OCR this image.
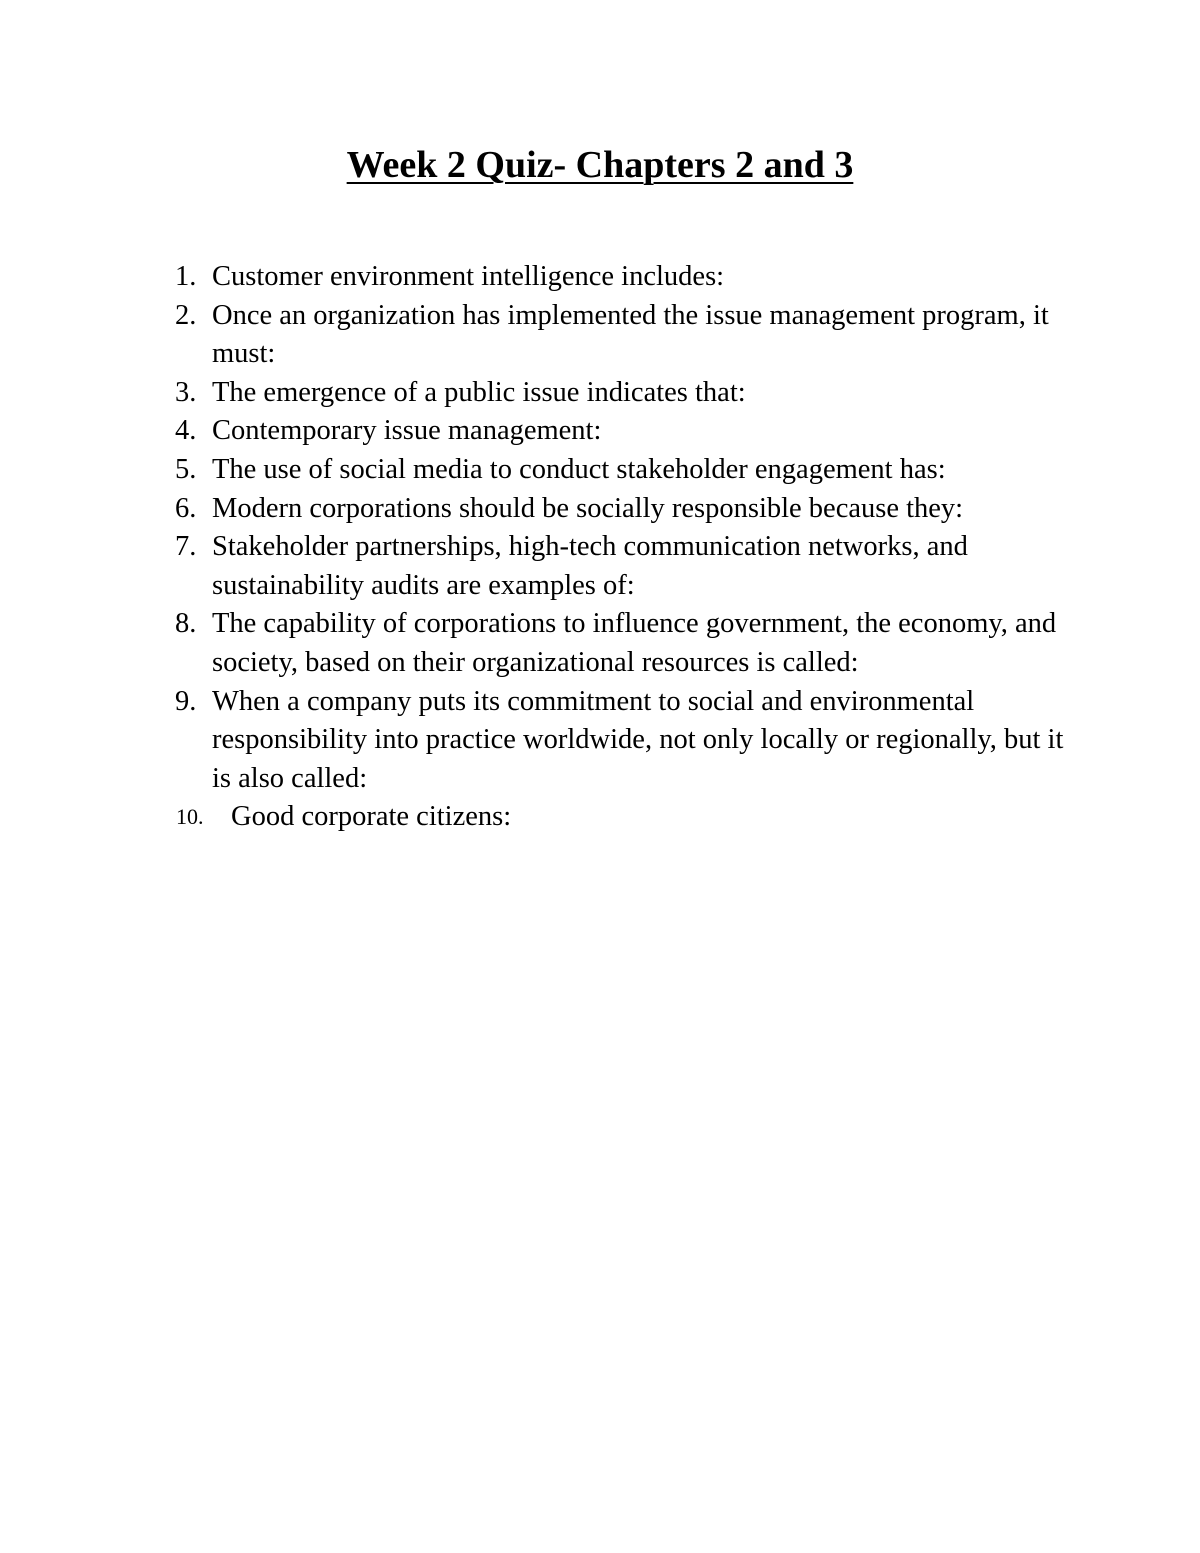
Week 2 Quiz- Chapters 2 and 3
1. Customer environment intelligence includes:
2. Once an organization has implemented the issue management program, it must:
3. The emergence of a public issue indicates that:
4. Contemporary issue management:
5. The use of social media to conduct stakeholder engagement has:
6. Modern corporations should be socially responsible because they:
7. Stakeholder partnerships, high-tech communication networks, and sustainability audits are examples of:
8. The capability of corporations to influence government, the economy, and society, based on their organizational resources is called:
9. When a company puts its commitment to social and environmental responsibility into practice worldwide, not only locally or regionally, but it is also called:
10. Good corporate citizens:
